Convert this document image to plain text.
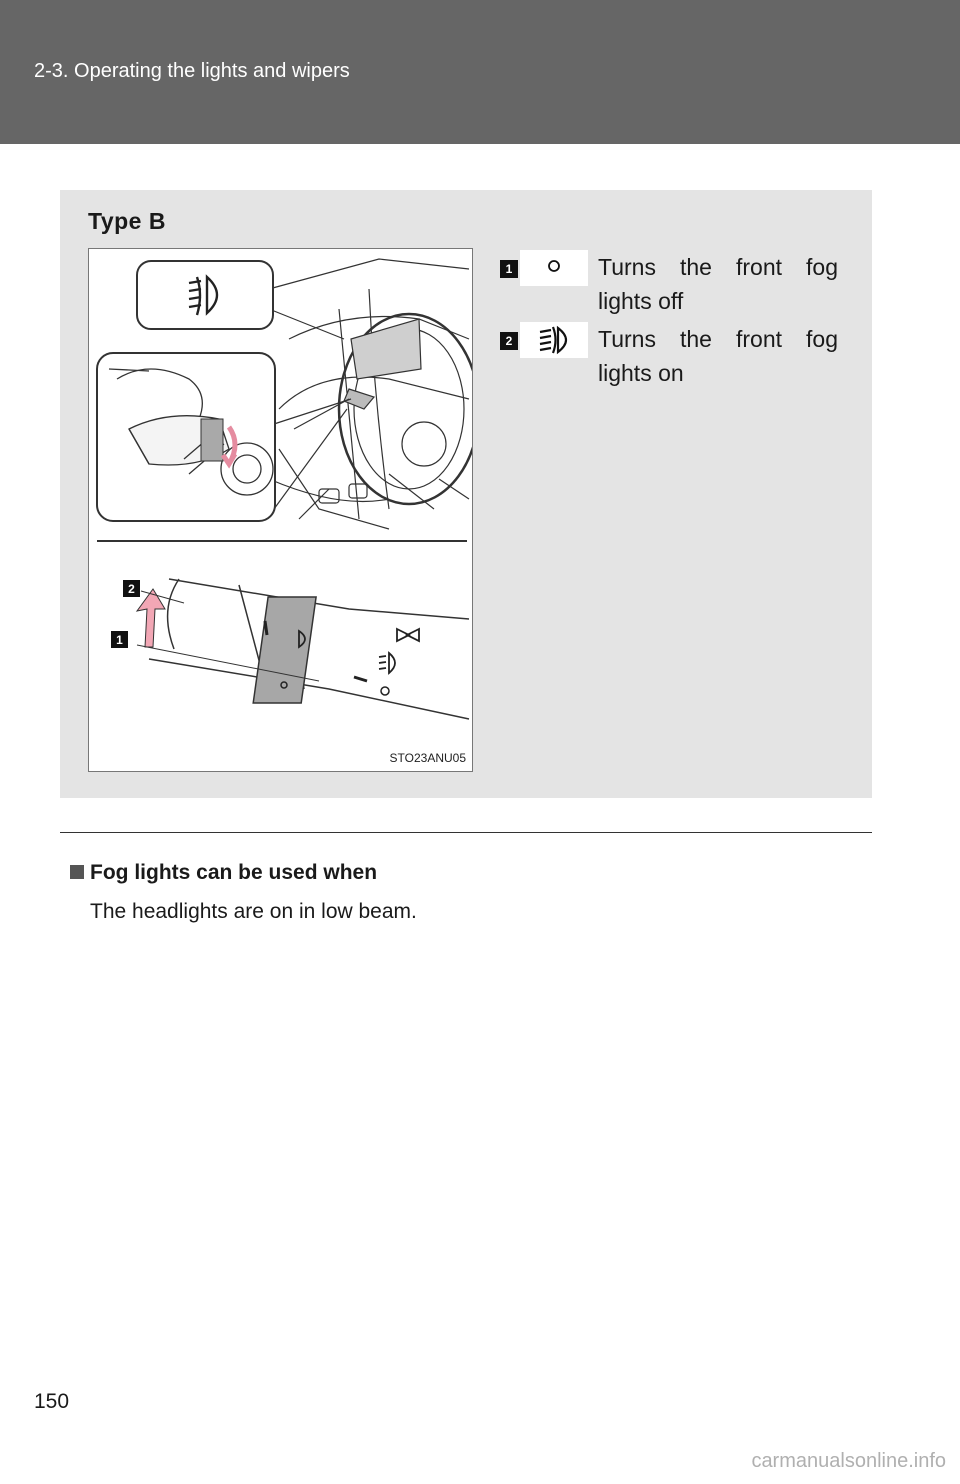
2-3. Operating the lights and wipers
Type B
2
1
STO23ANU05
1	Turns the front fog lights off
2	Turns the front fog lights on
Fog lights can be used when
The headlights are on in low beam.
150
carmanualsonline.info
